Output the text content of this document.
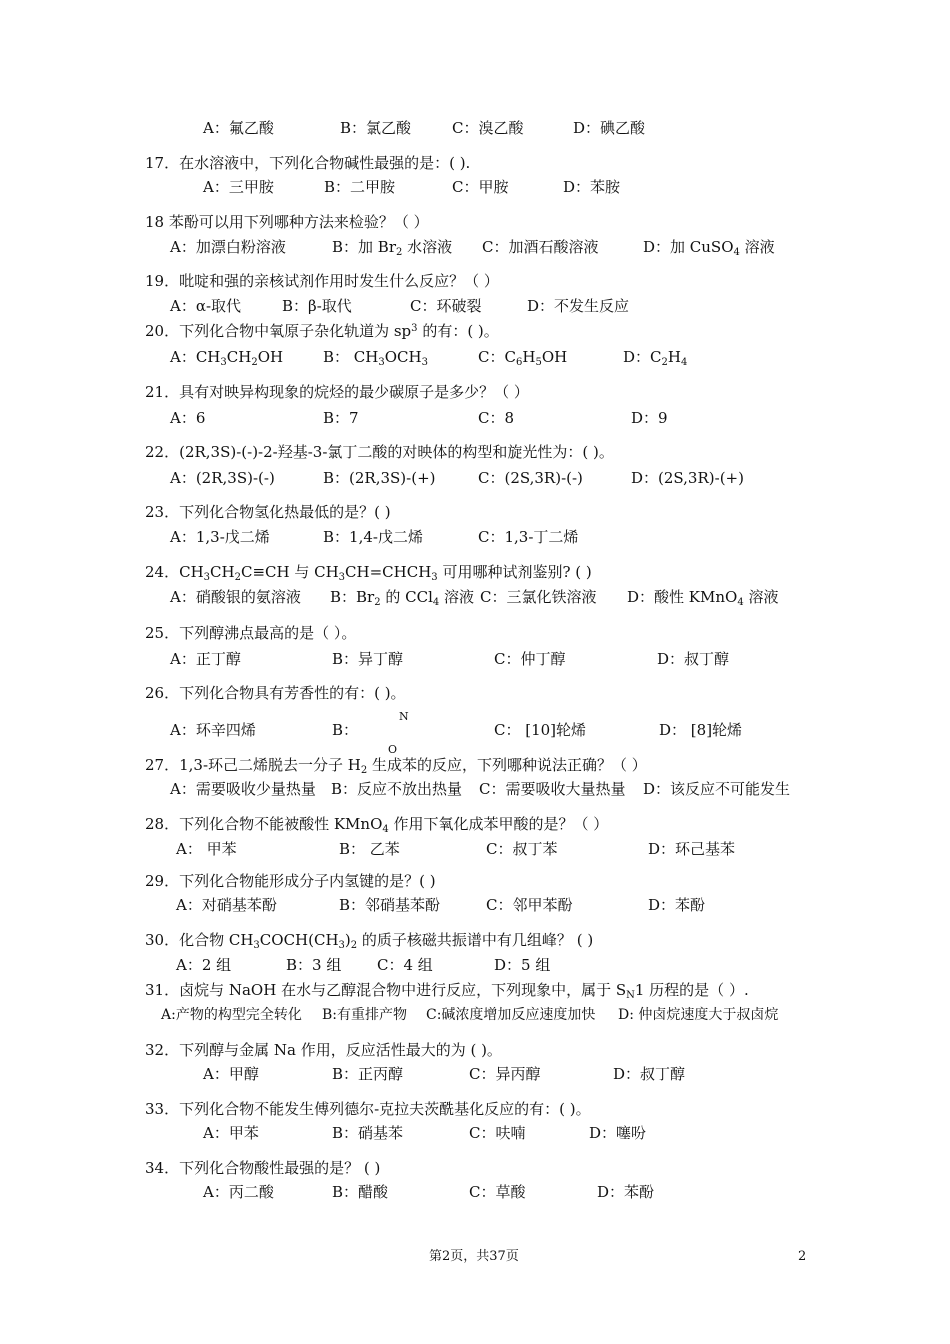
A：氟乙酸	B：氯乙酸	C：溴乙酸	D：碘乙酸
17．在水溶液中，下列化合物碱性最强的是：( ).
A：三甲胺	B：二甲胺	C：甲胺	D：苯胺
18 苯酚可以用下列哪种方法来检验？（ ）
A：加漂白粉溶液	B：加 $Br_2$ 水溶液 C：加酒石酸溶液	D：加 CuSO$_4$ 溶液
19．吡啶和强的亲核试剂作用时发生什么反应？（ ）
A：α-取代	B：β-取代	C：环破裂	D：不发生反应
20．下列化合物中氧原子杂化轨道为 $sp^3$ 的有：( )。
A：$CH_3CH_2OH$	B： $CH_3OCH_3$	C：$C_6H_5OH$	D：$C_2H_4$
21．具有对映异构现象的烷烃的最少碳原子是多少？（ ）
A：6	B：7	C：8	D：9
22．(2R,3S)-(-)-2-羟基-3-氯丁二酸的对映体的构型和旋光性为：( )。
A：(2R,3S)-(-)	B：(2R,3S)-(+)	C：(2S,3R)-(-)	D：(2S,3R)-(+)
23．下列化合物氢化热最低的是？( )
A：1,3-戊二烯	B：1,4-戊二烯	C：1,3-丁二烯
24．$CH_3CH_2C\equiv CH$ 与 $CH_3CH=CHCH_3$ 可用哪种试剂鉴别? ( )
A：硝酸银的氨溶液 B：$Br_2$ 的 CCl$_4$ 溶液 C：三氯化铁溶液 D：酸性 KMnO$_4$ 溶液
25．下列醇沸点最高的是（ ）。
A：正丁醇	B：异丁醇	C：仲丁醇	D：叔丁醇
26．下列化合物具有芳香性的有：( )。
N
A：环辛四烯	B：	C： [10]轮烯	D： [8]轮烯
O
27．1,3-环己二烯脱去一分子 $H_2$ 生成苯的反应，下列哪种说法正确？（ ）
A：需要吸收少量热量 B：反应不放出热量 C：需要吸收大量热量 D：该反应不可能发生
28．下列化合物不能被酸性 KMnO$_4$ 作用下氧化成苯甲酸的是？（ ）
A： 甲苯	B： 乙苯	C：叔丁苯	D：环己基苯
29．下列化合物能形成分子内氢键的是？( )
A：对硝基苯酚	B：邻硝基苯酚	C：邻甲苯酚	D：苯酚
30．化合物 $CH_3COCH(CH_3)_2$ 的质子核磁共振谱中有几组峰？ ( )
A：2 组	B：3 组 C：4 组	D：5 组
31．卤烷与 NaOH 在水与乙醇混合物中进行反应，下列现象中，属于 $S_N1$ 历程的是（ ）.
A:产物的构型完全转化 B:有重排产物 C:碱浓度增加反应速度加快 D: 仲卤烷速度大于叔卤烷
32．下列醇与金属 Na 作用，反应活性最大的为 ( )。
A：甲醇	B：正丙醇	C：异丙醇	D：叔丁醇
33．下列化合物不能发生傅列德尔-克拉夫茨酰基化反应的有：( )。
A：甲苯	B：硝基苯	C：呋喃	D：噻吩
34．下列化合物酸性最强的是？ ( )
A：丙二酸	B：醋酸	C：草酸	D：苯酚
第2页，共37页	2
